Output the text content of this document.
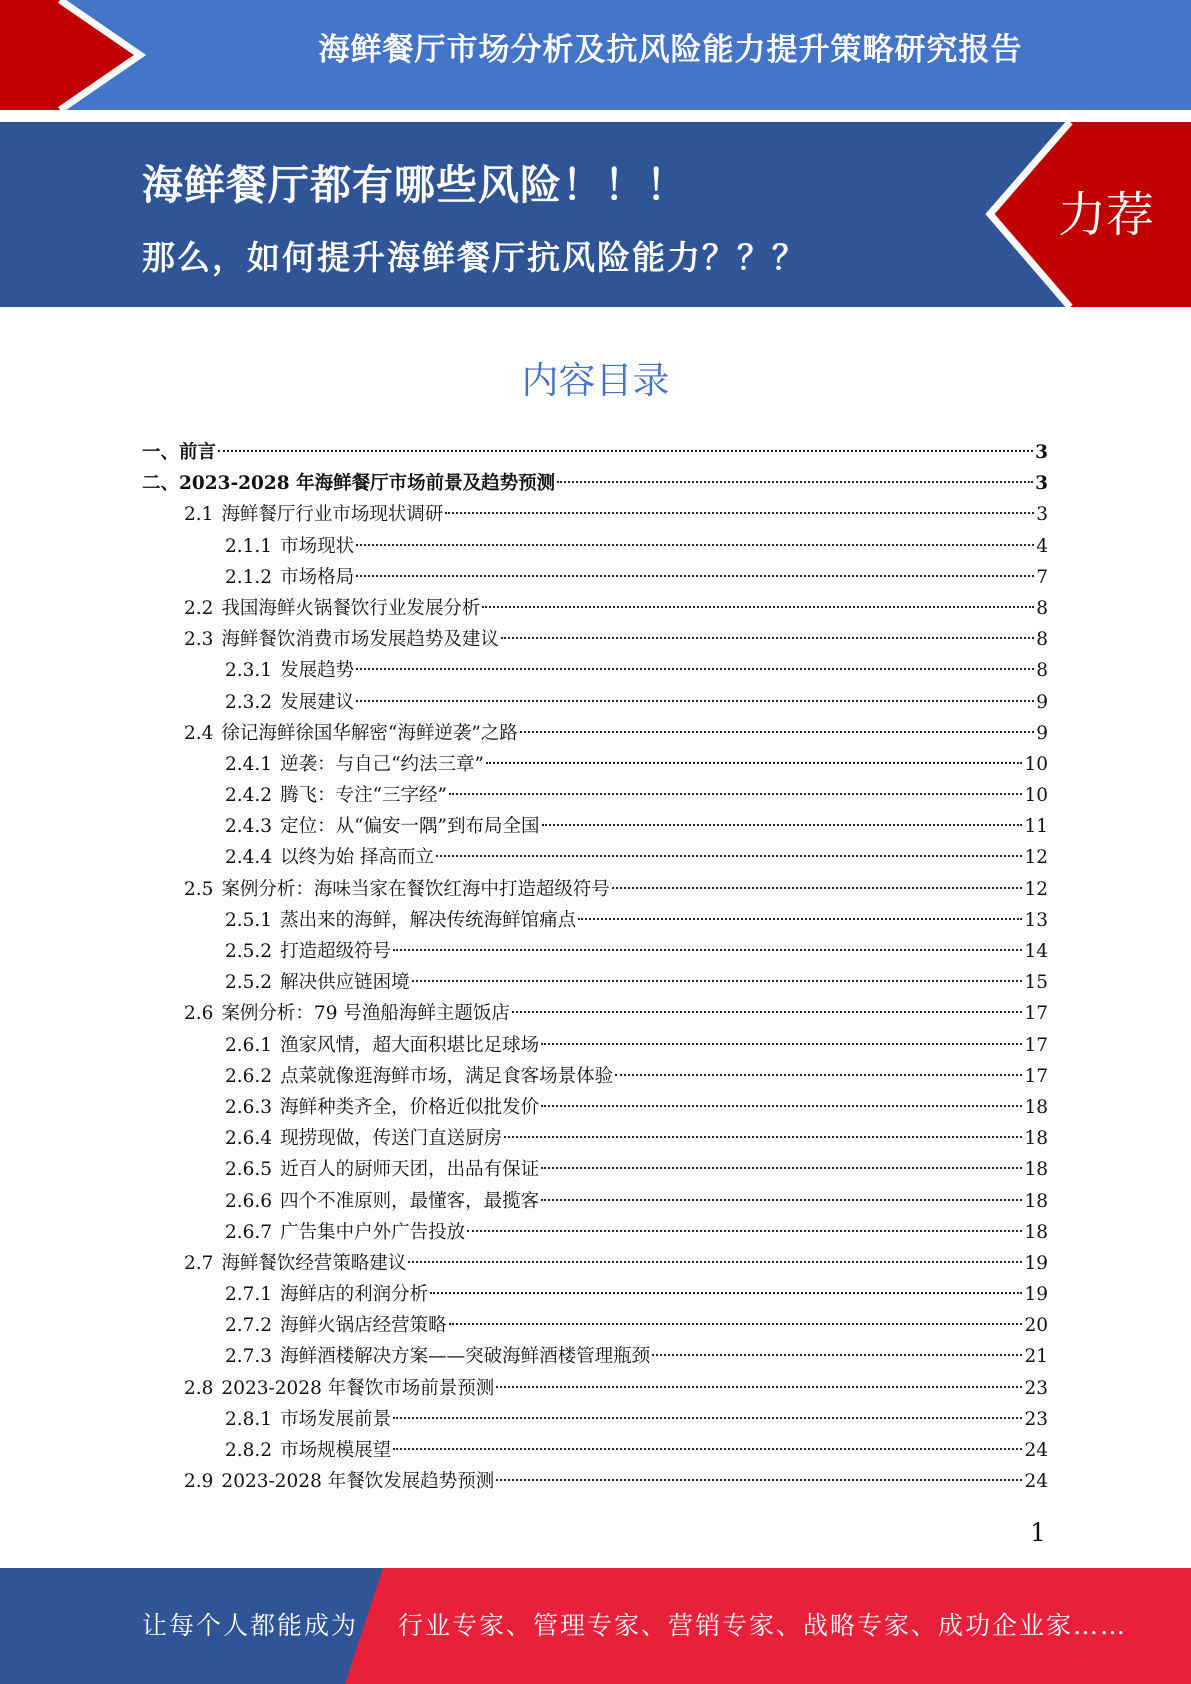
海鲜餐厅市场分析及抗风险能力提升策略研究报告
海鲜餐厅都有哪些风险！！！
那么，如何提升海鲜餐厅抗风险能力？？？
力荐
内容目录
一、 前言	3
二、 2023-2028 年海鲜餐厅市场前景及趋势预测	3
2.1 海鲜餐厅行业市场现状调研	3
2.1.1 市场现状	4
2.1.2 市场格局	7
2.2 我国海鲜火锅餐饮行业发展分析	8
2.3 海鲜餐饮消费市场发展趋势及建议	8
2.3.1 发展趋势	8
2.3.2 发展建议	9
2.4 徐记海鲜徐国华解密“海鲜逆袭”之路	9
2.4.1 逆袭：与自己“约法三章”	10
2.4.2 腾飞：专注“三字经”	10
2.4.3 定位：从“偏安一隅”到布局全国	11
2.4.4 以终为始 择高而立	12
2.5 案例分析：海味当家在餐饮红海中打造超级符号	12
2.5.1 蒸出来的海鲜，解决传统海鲜馆痛点	13
2.5.2 打造超级符号	14
2.5.2 解决供应链困境	15
2.6 案例分析：79 号渔船海鲜主题饭店	17
2.6.1 渔家风情，超大面积堪比足球场	17
2.6.2 点菜就像逛海鲜市场，满足食客场景体验	17
2.6.3 海鲜种类齐全，价格近似批发价	18
2.6.4 现捞现做，传送门直送厨房	18
2.6.5 近百人的厨师天团，出品有保证	18
2.6.6 四个不准原则，最懂客，最揽客	18
2.6.7 广告集中户外广告投放	18
2.7 海鲜餐饮经营策略建议	19
2.7.1 海鲜店的利润分析	19
2.7.2 海鲜火锅店经营策略	20
2.7.3 海鲜酒楼解决方案——突破海鲜酒楼管理瓶颈	21
2.8 2023-2028 年餐饮市场前景预测	23
2.8.1 市场发展前景	23
2.8.2 市场规模展望	24
2.9 2023-2028 年餐饮发展趋势预测	24
1
让每个人都能成为 行业专家、管理专家、营销专家、战略专家、成功企业家……
